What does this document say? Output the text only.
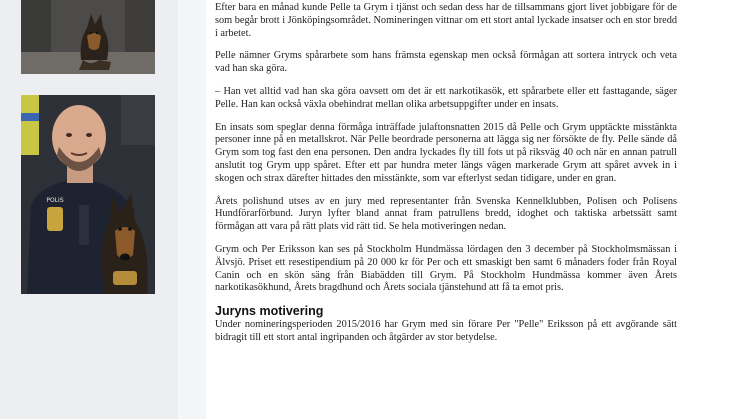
POLIS

Efter bara en månad kunde Pelle ta Grym i tjänst och sedan dess har de tillsammans gjort livet jobbigare för de som begår brott i Jönköpingsområdet. Nomineringen vittnar om ett stort antal lyckade insatser och en stor bredd i arbetet.

Pelle nämner Gryms spårarbete som hans främsta egenskap men också förmågan att sortera intryck och veta vad han ska göra.

– Han vet alltid vad han ska göra oavsett om det är ett narkotikasök, ett spårarbete eller ett fasttagande, säger Pelle. Han kan också växla obehindrat mellan olika arbetsuppgifter under en insats.

En insats som speglar denna förmåga inträffade julaftonsnatten 2015 då Pelle och Grym upptäckte misstänkta personer inne på en metallskrot. När Pelle beordrade personerna att lägga sig ner försökte de fly. Pelle sände då Grym som tog fast den ena personen. Den andra lyckades fly till fots ut på riksväg 40 och när en annan patrull anslutit tog Grym upp spåret. Efter ett par hundra meter längs vägen markerade Grym att spåret avvek in i skogen och strax därefter hittades den misstänkte, som var efterlyst sedan tidigare, under en gran.

Årets polishund utses av en jury med representanter från Svenska Kennelklubben, Polisen och Polisens Hundförarförbund. Juryn lyfter bland annat fram patrullens bredd, idoghet och taktiska arbetssätt samt förmågan att vara på rätt plats vid rätt tid. Se hela motiveringen nedan.

Grym och Per Eriksson kan ses på Stockholm Hundmässa lördagen den 3 december på Stockholmsmässan i Älvsjö. Priset ett resestipendium på 20 000 kr för Per och ett smaskigt ben samt 6 månaders foder från Royal Canin och en skön säng från Biabädden till Grym. På Stockholm Hundmässa kommer även Årets narkotikasökhund, Årets bragdhund och Årets sociala tjänstehund att få ta emot pris.

Juryns motivering

Under nomineringsperioden 2015/2016 har Grym med sin förare Per "Pelle" Eriksson på ett avgörande sätt bidragit till ett stort antal ingripanden och åtgärder av stor betydelse.
